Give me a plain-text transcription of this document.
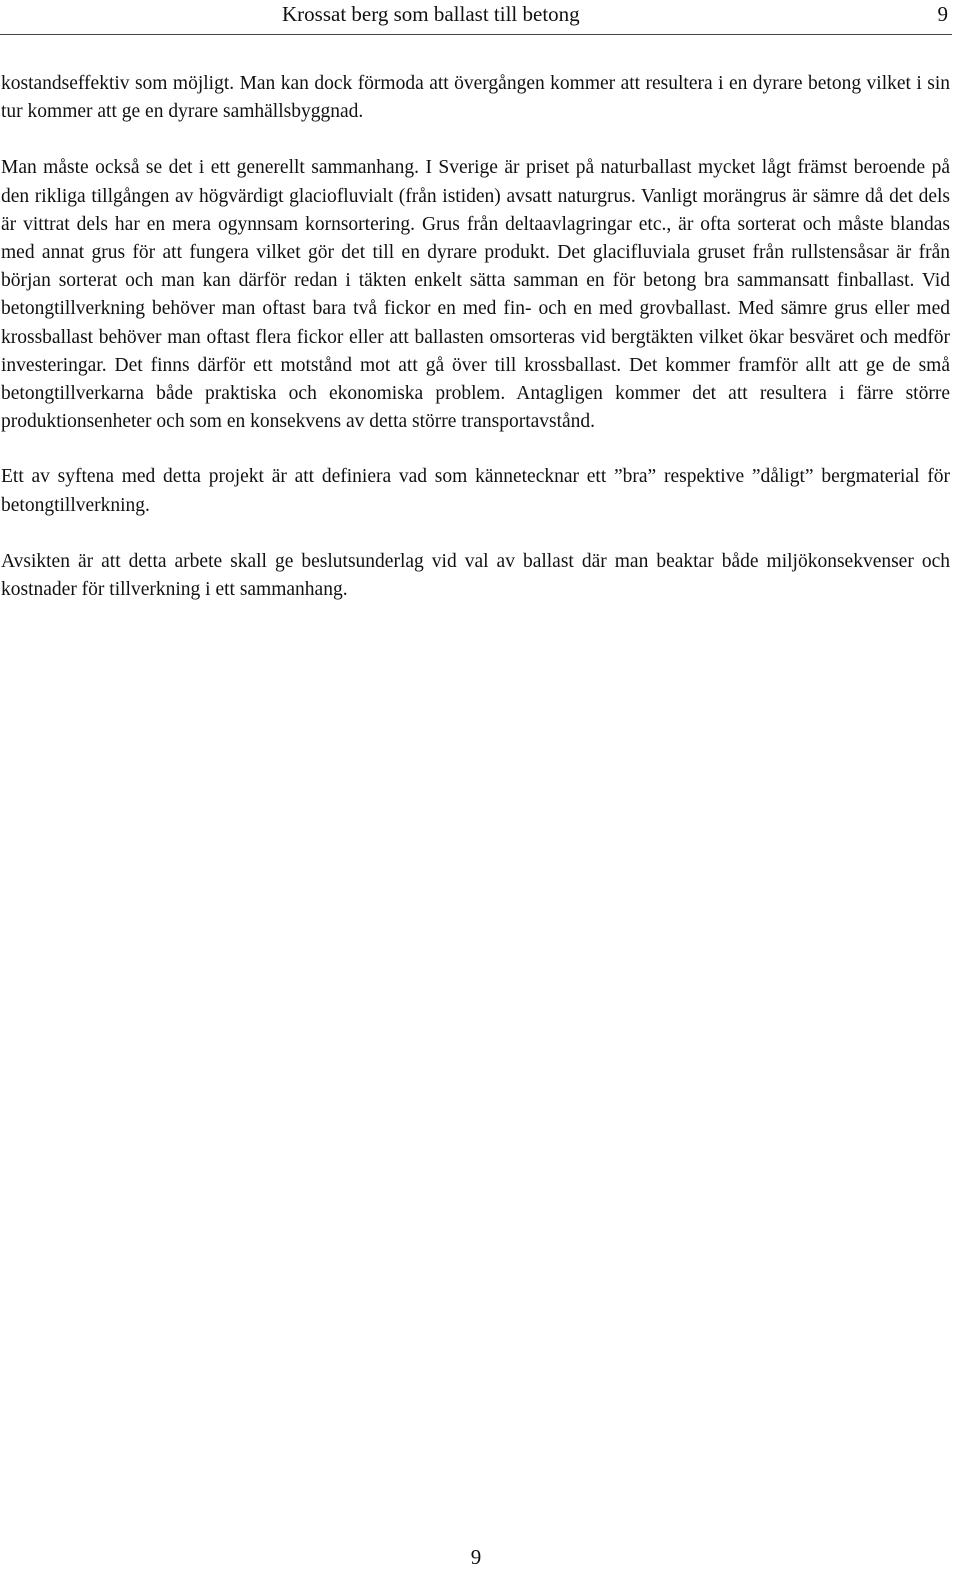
Krossat berg som ballast till betong	9

kostandseffektiv som möjligt. Man kan dock förmoda att övergången kommer att resultera i en dyrare betong vilket i sin tur kommer att ge en dyrare samhällsbyggnad.

Man måste också se det i ett generellt sammanhang. I Sverige är priset på naturballast mycket lågt främst beroende på den rikliga tillgången av högvärdigt glaciofluvialt (från istiden) avsatt naturgrus. Vanligt morängrus är sämre då det dels är vittrat dels har en mera ogynnsam kornsortering. Grus från deltaavlagringar etc., är ofta sorterat och måste blandas med annat grus för att fungera vilket gör det till en dyrare produkt. Det glacifluviala gruset från rullstensåsar är från början sorterat och man kan därför redan i täkten enkelt sätta samman en för betong bra sammansatt finballast. Vid betongtillverkning behöver man oftast bara två fickor en med fin- och en med grovballast. Med sämre grus eller med krossballast behöver man oftast flera fickor eller att ballasten omsorteras vid bergtäkten vilket ökar besväret och medför investeringar. Det finns därför ett motstånd mot att gå över till krossballast. Det kommer framför allt att ge de små betongtillverkarna både praktiska och ekonomiska problem. Antagligen kommer det att resultera i färre större produktionsenheter och som en konsekvens av detta större transportavstånd.

Ett av syftena med detta projekt är att definiera vad som kännetecknar ett ”bra” respektive ”dåligt” bergmaterial för betongtillverkning.

Avsikten är att detta arbete skall ge beslutsunderlag vid val av ballast där man beaktar både miljökonsekvenser och kostnader för tillverkning i ett sammanhang.

9
